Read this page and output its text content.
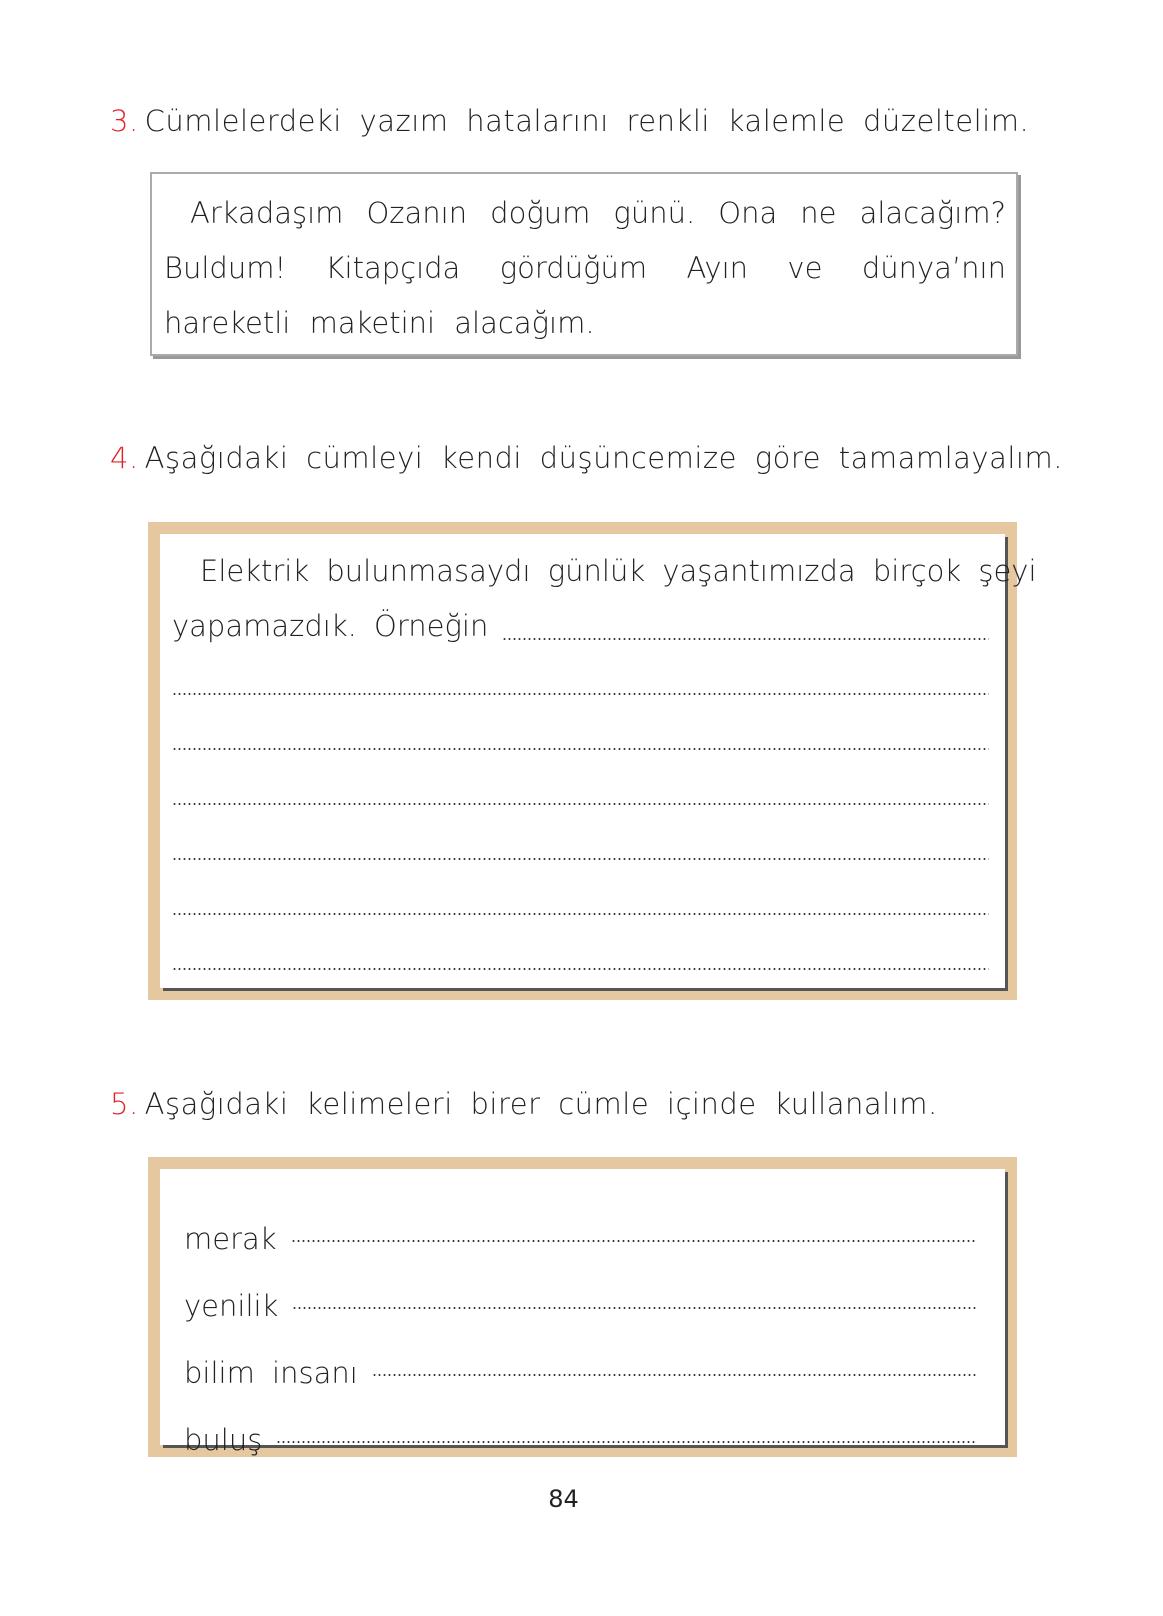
3. Cümlelerdeki yazım hatalarını renkli kalemle düzeltelim.

Arkadaşım Ozanın doğum günü. Ona ne alacağım? Buldum! Kitapçıda gördüğüm Ayın ve dünya’nın hareketli maketini alacağım.

4. Aşağıdaki cümleyi kendi düşüncemize göre tamamlayalım.
Elektrik bulunmasaydı günlük yaşantımızda birçok şeyi
yapamazdık. Örneğin
5. Aşağıdaki kelimeleri birer cümle içinde kullanalım.
merak
yenilik
bilim insanı
buluş
84
